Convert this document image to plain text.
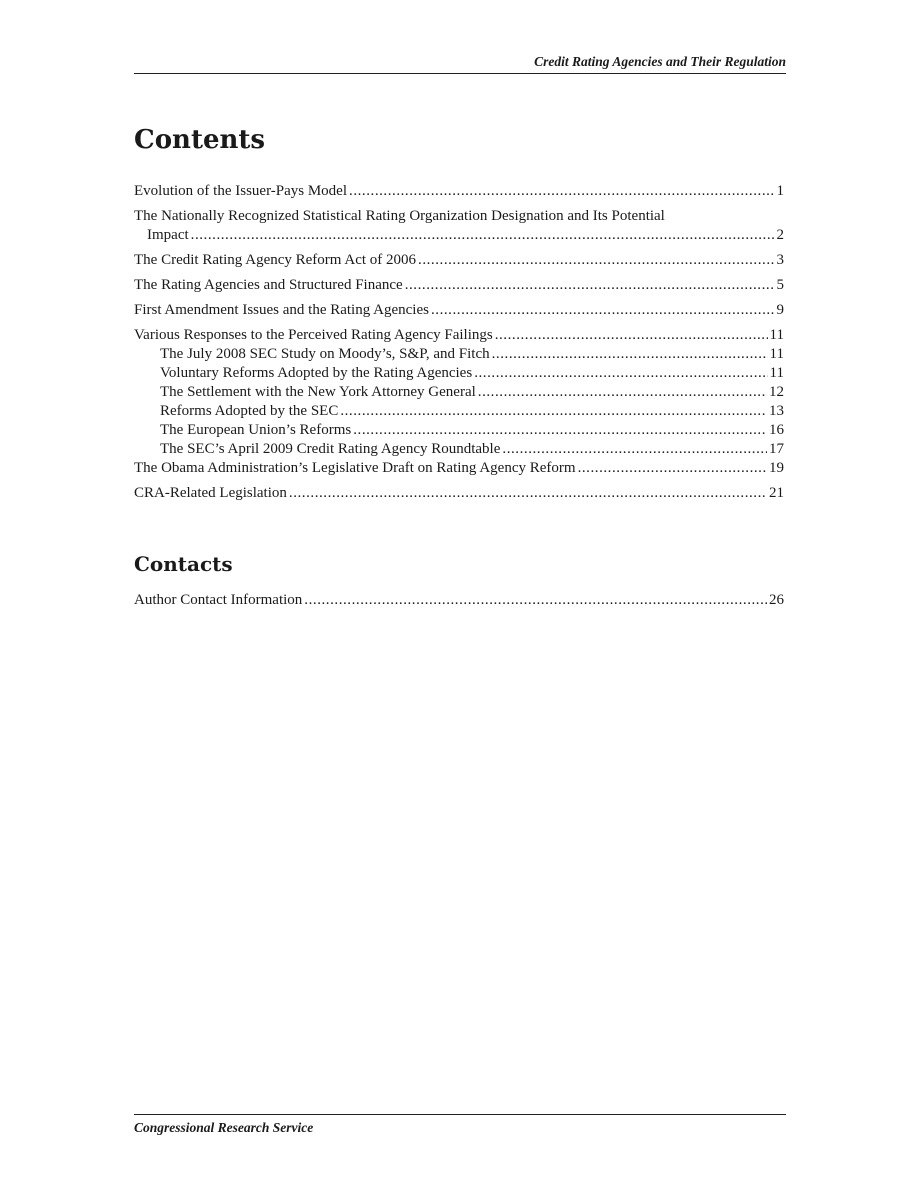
Credit Rating Agencies and Their Regulation
Contents
Evolution of the Issuer-Pays Model . . .	1
The Nationally Recognized Statistical Rating Organization Designation and Its Potential
Impact . . .	2
The Credit Rating Agency Reform Act of 2006 . . .	3
The Rating Agencies and Structured Finance . . .	5
First Amendment Issues and the Rating Agencies . . .	9
Various Responses to the Perceived Rating Agency Failings . . .	11
The July 2008 SEC Study on Moody’s, S&P, and Fitch . . .	11
Voluntary Reforms Adopted by the Rating Agencies . . .	11
The Settlement with the New York Attorney General . . .	12
Reforms Adopted by the SEC . . .	13
The European Union’s Reforms . . .	16
The SEC’s April 2009 Credit Rating Agency Roundtable . . .	17
The Obama Administration’s Legislative Draft on Rating Agency Reform . . .	19
CRA-Related Legislation . . .	21
Contacts
Author Contact Information . . .	26
Congressional Research Service
